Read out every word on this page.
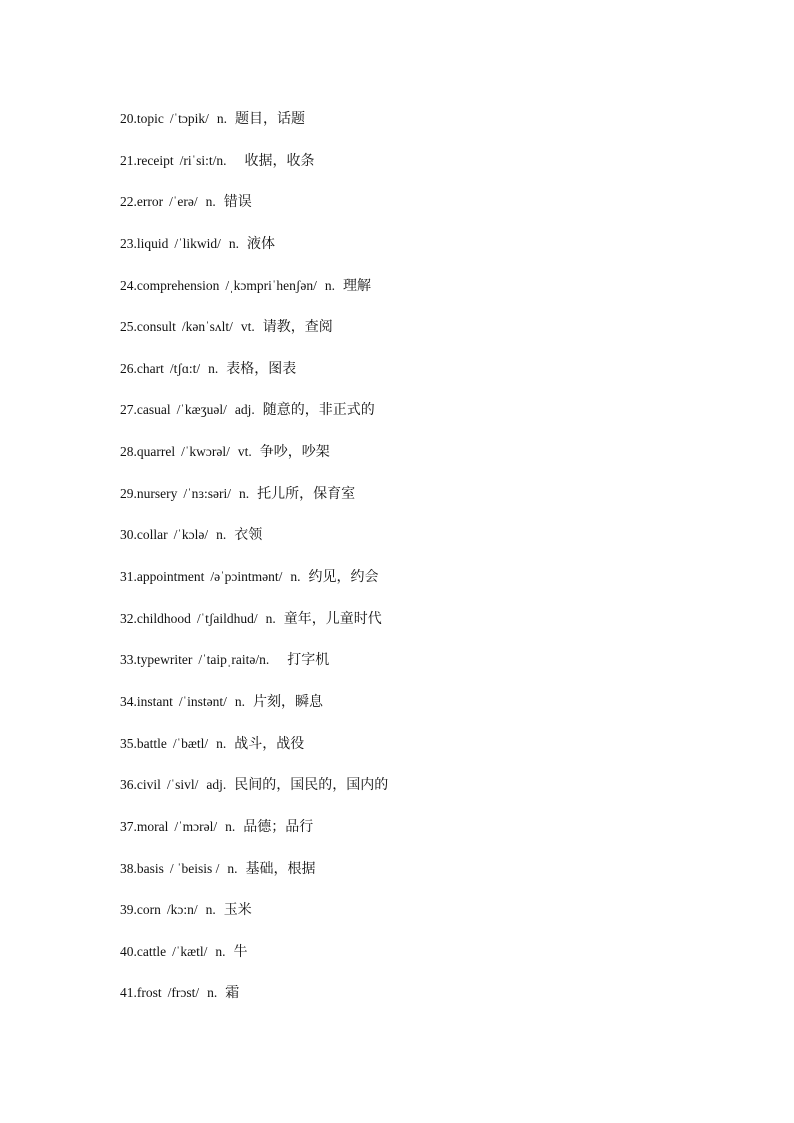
20.topic /ˈtɔpik/ n. 题目，话题
21.receipt /riˈsi:t/n. 收据，收条
22.error /ˈerə/ n. 错误
23.liquid /ˈlikwid/ n. 液体
24.comprehension /ˌkɔmpriˈhenʃən/ n. 理解
25.consult /kənˈsʌlt/ vt. 请教，查阅
26.chart /tʃɑ:t/ n. 表格，图表
27.casual /ˈkæʒuəl/ adj. 随意的，非正式的
28.quarrel /ˈkwɔrəl/ vt. 争吵，吵架
29.nursery /ˈnɜ:səri/ n. 托儿所，保育室
30.collar /ˈkɔlə/ n. 衣领
31.appointment /əˈpɔintmənt/ n. 约见，约会
32.childhood /ˈtʃaildhud/ n. 童年，儿童时代
33.typewriter /ˈtaipˌraitə/n. 打字机
34.instant /ˈinstənt/ n. 片刻，瞬息
35.battle /ˈbætl/ n. 战斗，战役
36.civil /ˈsivl/ adj. 民间的，国民的，国内的
37.moral /ˈmɔrəl/ n. 品德；品行
38.basis / ˈbeisis / n. 基础，根据
39.corn /kɔ:n/ n. 玉米
40.cattle /ˈkætl/ n. 牛
41.frost /frɔst/ n. 霜
